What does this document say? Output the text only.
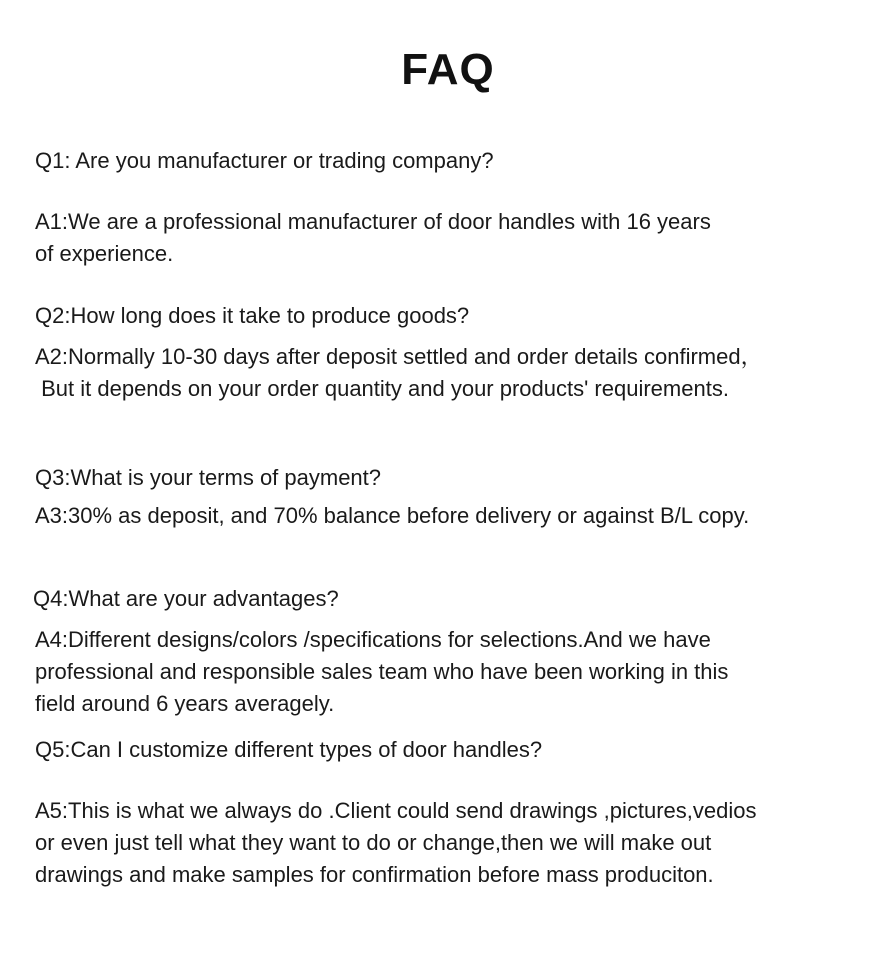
FAQ
Q1: Are you manufacturer or trading company?
A1:We are a professional manufacturer of door handles with 16 years
of experience.
Q2:How long does it take to produce goods?
A2:Normally 10-30 days after deposit settled and order details confirmed，
But it depends on your order quantity and your products' requirements.
Q3:What is your terms of payment?
A3:30% as deposit, and 70% balance before delivery or against B/L copy.
Q4:What are your advantages?
A4:Different designs/colors /specifications for selections.And we have
professional and responsible sales team who have been working in this
field around 6 years averagely.
Q5:Can I customize different types of door handles?
A5:This is what we always do .Client could send drawings ,pictures,vedios
or even just tell what they want to do or change,then we will make out
drawings and make samples for confirmation before mass produciton.
